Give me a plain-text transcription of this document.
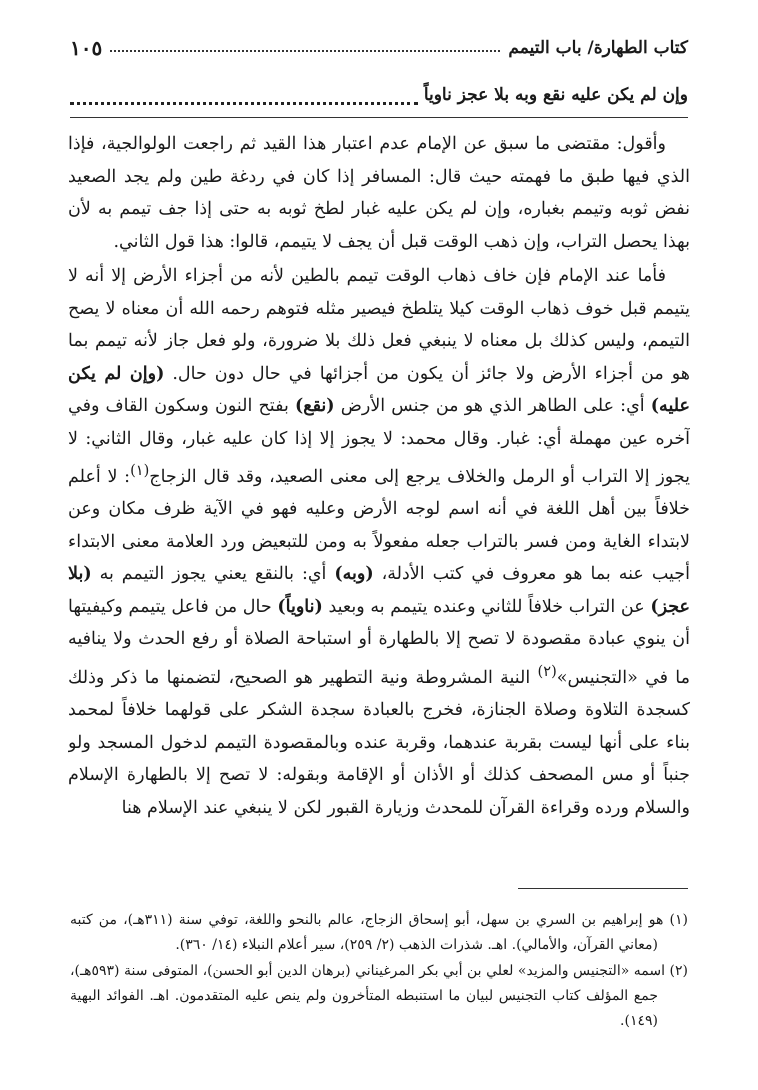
كتاب الطهارة/ باب التيمم
١٠٥
وإن لم يكن عليه نقع وبه بلا عجز ناوياً

وأقول: مقتضى ما سبق عن الإمام عدم اعتبار هذا القيد ثم راجعت الولوالجية، فإذا الذي فيها طبق ما فهمته حيث قال: المسافر إذا كان في ردغة طين ولم يجد الصعيد نفض ثوبه وتيمم بغباره، وإن لم يكن عليه غبار لطخ ثوبه به حتى إذا جف تيمم به لأن بهذا يحصل التراب، وإن ذهب الوقت قبل أن يجف لا يتيمم، قالوا: هذا قول الثاني.

فأما عند الإمام فإن خاف ذهاب الوقت تيمم بالطين لأنه من أجزاء الأرض إلا أنه لا يتيمم قبل خوف ذهاب الوقت كيلا يتلطخ فيصير مثله فتوهم رحمه الله أن معناه لا يصح التيمم، وليس كذلك بل معناه لا ينبغي فعل ذلك بلا ضرورة، ولو فعل جاز لأنه تيمم بما هو من أجزاء الأرض ولا جائز أن يكون من أجزائها في حال دون حال. (وإن لم يكن عليه) أي: على الطاهر الذي هو من جنس الأرض (نقع) بفتح النون وسكون القاف وفي آخره عين مهملة أي: غبار. وقال محمد: لا يجوز إلا إذا كان عليه غبار، وقال الثاني: لا يجوز إلا التراب أو الرمل والخلاف يرجع إلى معنى الصعيد، وقد قال الزجاج$^{(١)}$: لا أعلم خلافاً بين أهل اللغة في أنه اسم لوجه الأرض وعليه فهو في الآية ظرف مكان وعن لابتداء الغاية ومن فسر بالتراب جعله مفعولاً به ومن للتبعيض ورد العلامة معنى الابتداء أجيب عنه بما هو معروف في كتب الأدلة، (وبه) أي: بالنقع يعني يجوز التيمم به (بلا عجز) عن التراب خلافاً للثاني وعنده يتيمم به وبعيد (ناوياً) حال من فاعل يتيمم وكيفيتها أن ينوي عبادة مقصودة لا تصح إلا بالطهارة أو استباحة الصلاة أو رفع الحدث ولا ينافيه ما في «التجنيس»$^{(٢)}$ النية المشروطة ونية التطهير هو الصحيح، لتضمنها ما ذكر وذلك كسجدة التلاوة وصلاة الجنازة، فخرج بالعبادة سجدة الشكر على قولهما خلافاً لمحمد بناء على أنها ليست بقربة عندهما، وقربة عنده وبالمقصودة التيمم لدخول المسجد ولو جنباً أو مس المصحف كذلك أو الأذان أو الإقامة وبقوله: لا تصح إلا بالطهارة الإسلام والسلام ورده وقراءة القرآن للمحدث وزيارة القبور لكن لا ينبغي عند الإسلام هنا

(١) هو إبراهيم بن السري بن سهل، أبو إسحاق الزجاج، عالم بالنحو واللغة، توفي سنة (٣١١هـ)، من كتبه (معاني القرآن، والأمالي). اهـ. شذرات الذهب (٢/ ٢٥٩)، سير أعلام النبلاء (١٤/ ٣٦٠).

(٢) اسمه «التجنيس والمزيد» لعلي بن أبي بكر المرغيناني (برهان الدين أبو الحسن)، المتوفى سنة (٥٩٣هـ)، جمع المؤلف كتاب التجنيس لبيان ما استنبطه المتأخرون ولم ينص عليه المتقدمون. اهـ. الفوائد البهية (١٤٩).
